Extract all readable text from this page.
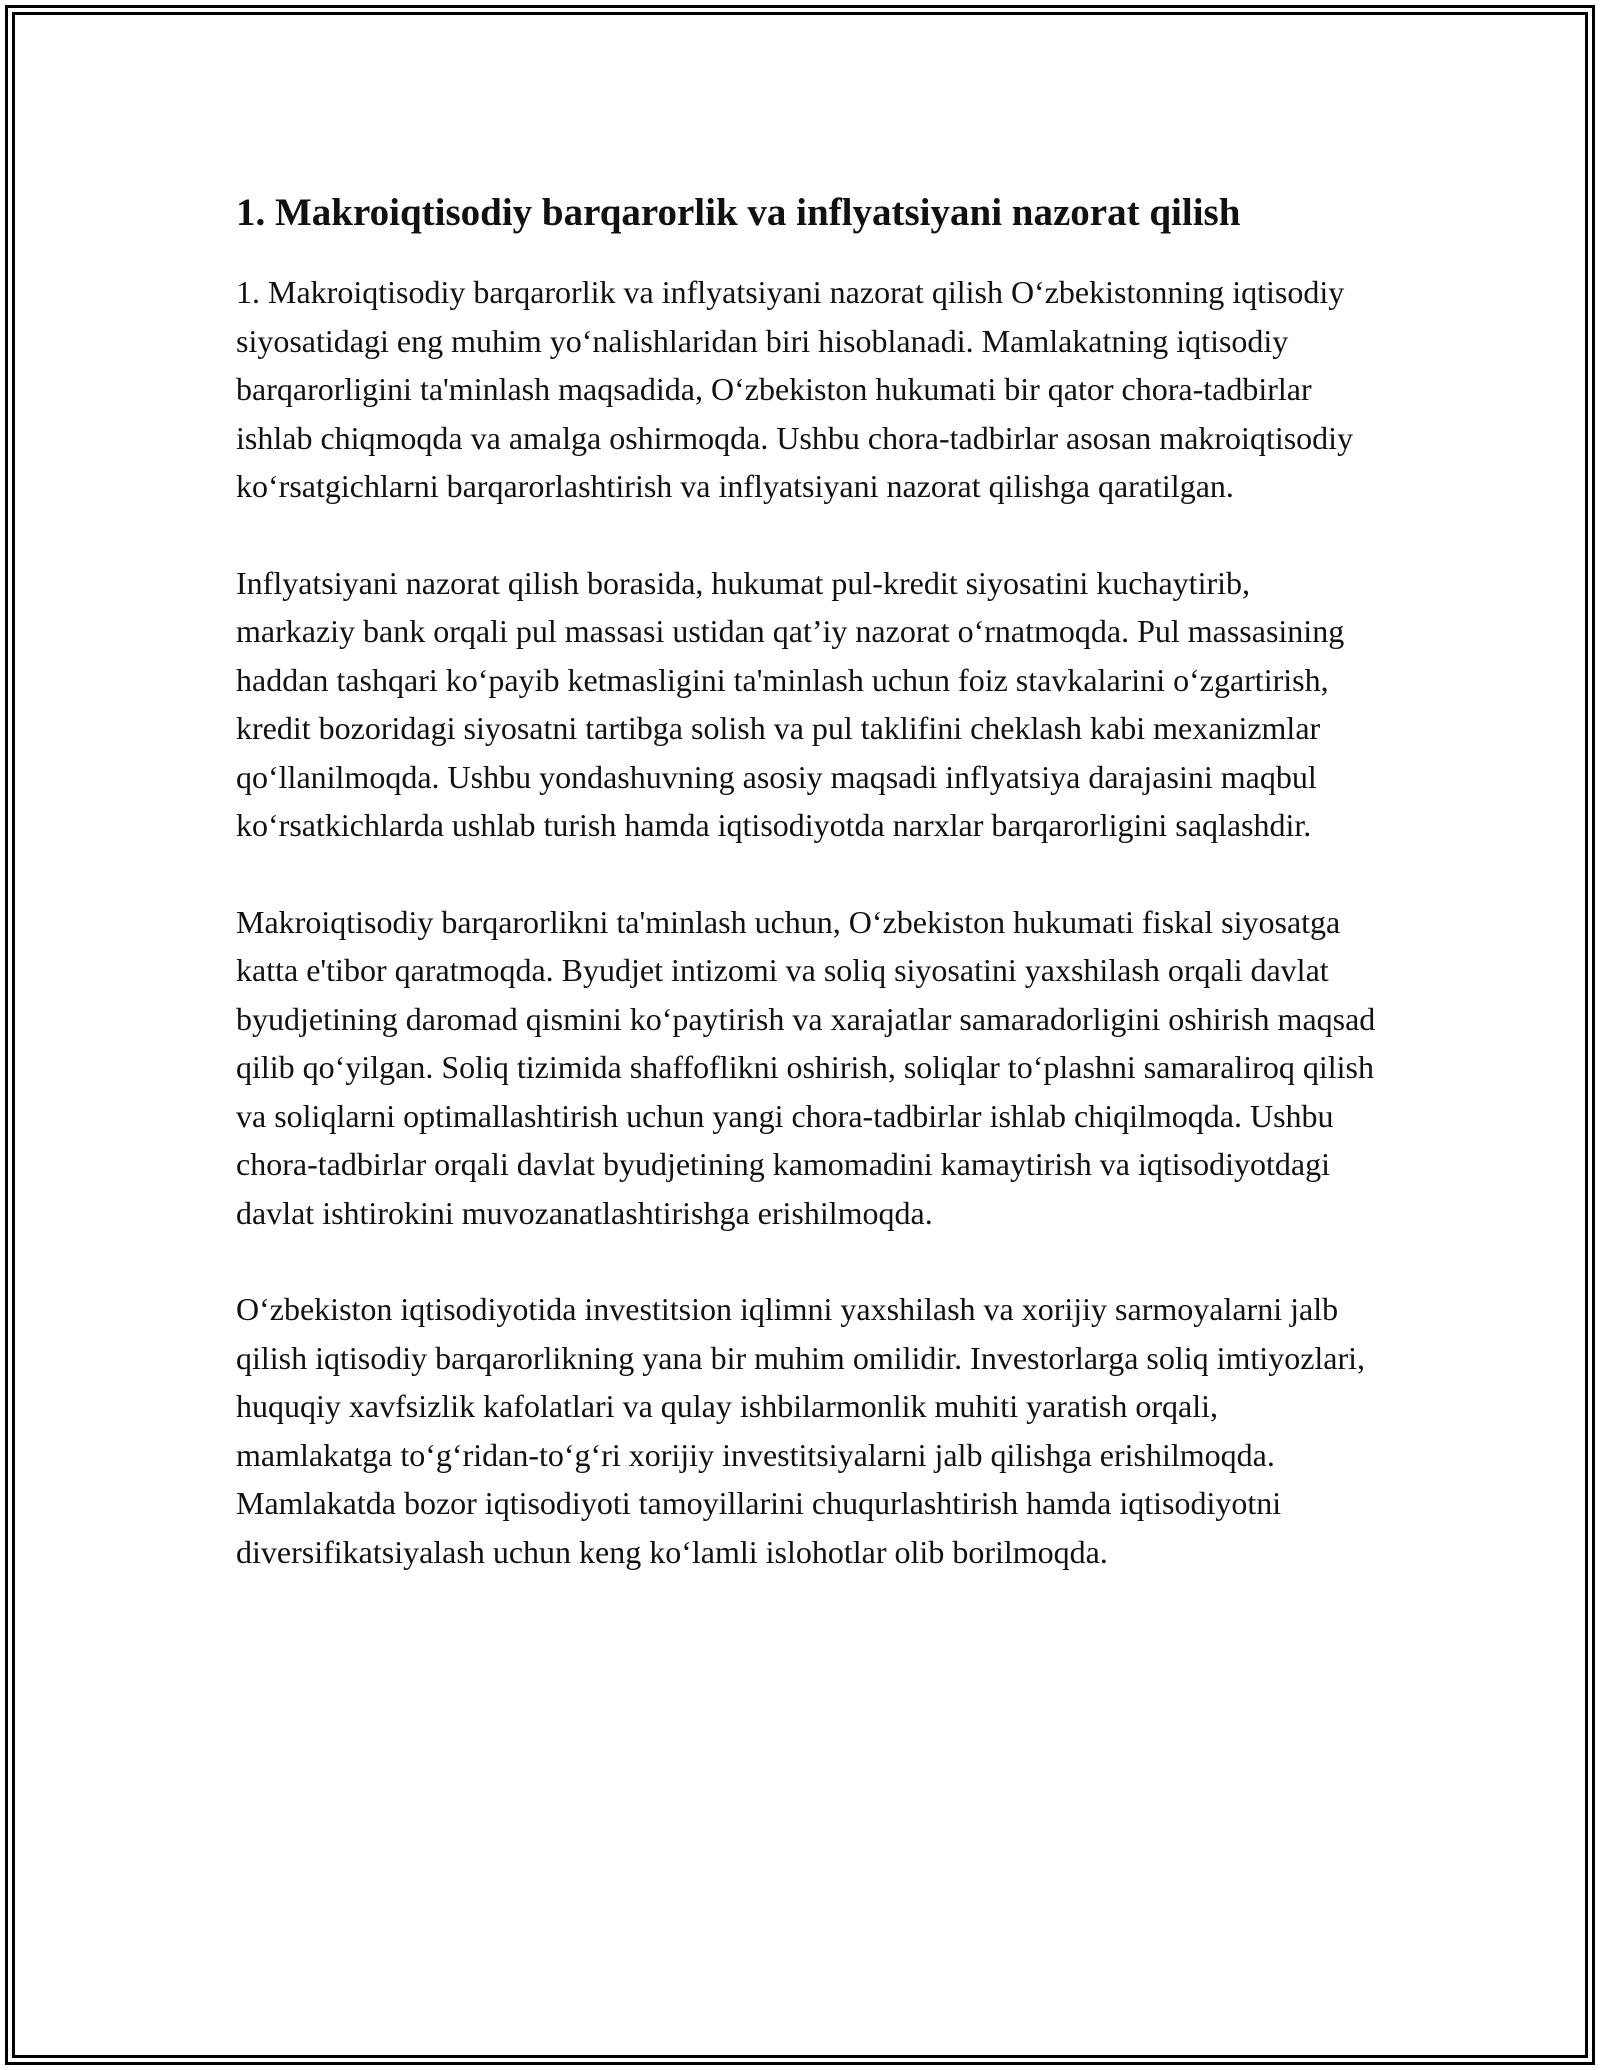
1. Makroiqtisodiy barqarorlik va inflyatsiyani nazorat qilish

1. Makroiqtisodiy barqarorlik va inflyatsiyani nazorat qilish O‘zbekistonning iqtisodiy siyosatidagi eng muhim yo‘nalishlaridan biri hisoblanadi. Mamlakatning iqtisodiy barqarorligini ta'minlash maqsadida, O‘zbekiston hukumati bir qator chora-tadbirlar ishlab chiqmoqda va amalga oshirmoqda. Ushbu chora-tadbirlar asosan makroiqtisodiy ko‘rsatgichlarni barqarorlashtirish va inflyatsiyani nazorat qilishga qaratilgan.

Inflyatsiyani nazorat qilish borasida, hukumat pul-kredit siyosatini kuchaytirib, markaziy bank orqali pul massasi ustidan qat’iy nazorat o‘rnatmoqda. Pul massasining haddan tashqari ko‘payib ketmasligini ta'minlash uchun foiz stavkalarini o‘zgartirish, kredit bozoridagi siyosatni tartibga solish va pul taklifini cheklash kabi mexanizmlar qo‘llanilmoqda. Ushbu yondashuvning asosiy maqsadi inflyatsiya darajasini maqbul ko‘rsatkichlarda ushlab turish hamda iqtisodiyotda narxlar barqarorligini saqlashdir.

Makroiqtisodiy barqarorlikni ta'minlash uchun, O‘zbekiston hukumati fiskal siyosatga katta e'tibor qaratmoqda. Byudjet intizomi va soliq siyosatini yaxshilash orqali davlat byudjetining daromad qismini ko‘paytirish va xarajatlar samaradorligini oshirish maqsad qilib qo‘yilgan. Soliq tizimida shaffoflikni oshirish, soliqlar to‘plashni samaraliroq qilish va soliqlarni optimallashtirish uchun yangi chora-tadbirlar ishlab chiqilmoqda. Ushbu chora-tadbirlar orqali davlat byudjetining kamomadini kamaytirish va iqtisodiyotdagi davlat ishtirokini muvozanatlashtirishga erishilmoqda.

O‘zbekiston iqtisodiyotida investitsion iqlimni yaxshilash va xorijiy sarmoyalarni jalb qilish iqtisodiy barqarorlikning yana bir muhim omilidir. Investorlarga soliq imtiyozlari, huquqiy xavfsizlik kafolatlari va qulay ishbilarmonlik muhiti yaratish orqali, mamlakatga to‘g‘ridan-to‘g‘ri xorijiy investitsiyalarni jalb qilishga erishilmoqda. Mamlakatda bozor iqtisodiyoti tamoyillarini chuqurlashtirish hamda iqtisodiyotni diversifikatsiyalash uchun keng ko‘lamli islohotlar olib borilmoqda.
